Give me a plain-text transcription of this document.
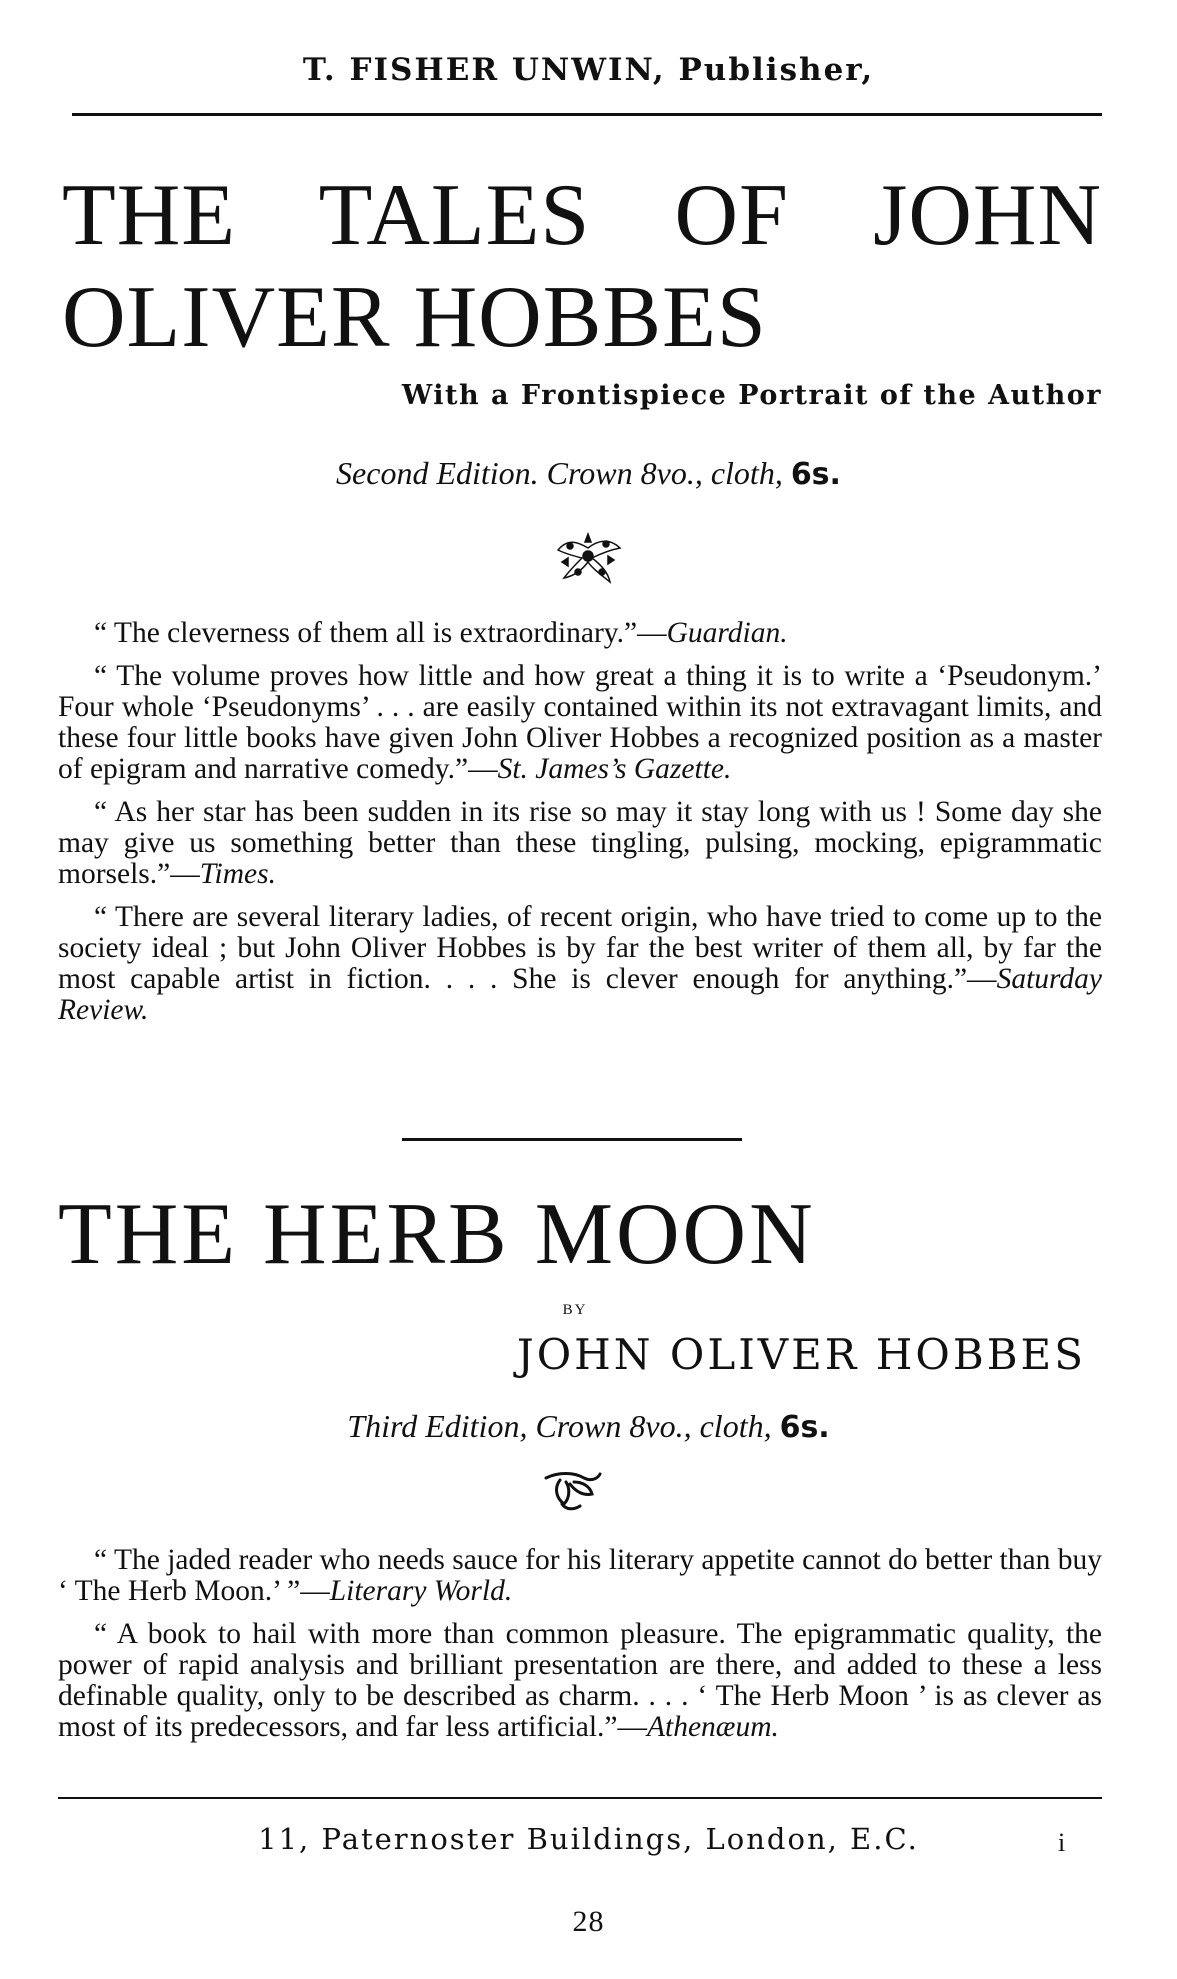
T. FISHER UNWIN, Publisher,
THE TALES OF JOHN
OLIVER HOBBES
With a Frontispiece Portrait of the Author
Second Edition. Crown 8vo., cloth, 6s.

“ The cleverness of them all is extraordinary.”—Guardian.

“ The volume proves how little and how great a thing it is to write a ‘Pseudonym.’ Four whole ‘Pseudonyms’ . . . are easily contained within its not extravagant limits, and these four little books have given John Oliver Hobbes a recognized position as a master of epigram and narrative comedy.”—St. James’s Gazette.

“ As her star has been sudden in its rise so may it stay long with us ! Some day she may give us something better than these tingling, pulsing, mocking, epigrammatic morsels.”—Times.

“ There are several literary ladies, of recent origin, who have tried to come up to the society ideal ; but John Oliver Hobbes is by far the best writer of them all, by far the most capable artist in fiction. . . . She is clever enough for anything.”—Saturday Review.

THE HERB MOON
BY
JOHN OLIVER HOBBES
Third Edition, Crown 8vo., cloth, 6s.

“ The jaded reader who needs sauce for his literary appetite cannot do better than buy ‘ The Herb Moon.’ ”—Literary World.

“ A book to hail with more than common pleasure. The epigrammatic quality, the power of rapid analysis and brilliant presentation are there, and added to these a less definable quality, only to be described as charm. . . . ‘ The Herb Moon ’ is as clever as most of its predecessors, and far less artificial.”—Athenæum.

11, Paternoster Buildings, London, E.C.	i
28
